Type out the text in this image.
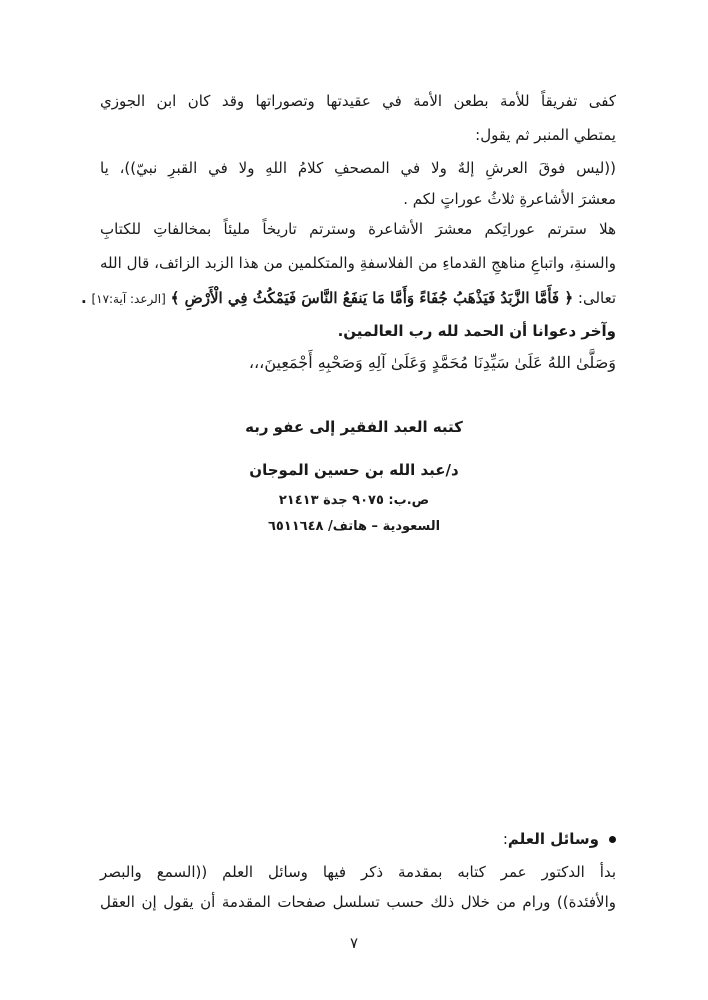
كفى تفريقاً للأمة بطعن الأمة في عقيدتها وتصوراتها وقد كان ابن الجوزي
يمتطي المنبر ثم يقول:
((ليس فوقَ العرشِ إلهٌ ولا في المصحفِ كلامُ اللهِ ولا في القبرِ نبيّ))، يا
معشرَ الأشاعرةِ ثلاثُ عوراتٍ لكم .
هلا سترتم عوراتِكم معشرَ الأشاعرة وسترتم تاريخاً مليئاً بمخالفاتِ للكتابِ
والسنةِ، واتباعِ مناهجِ القدماءِ من الفلاسفةِ والمتكلمين من هذا الزبد الزائف، قال الله
تعالى: ﴿ فَأَمَّا الزَّبَدُ فَيَذْهَبُ جُفَاءً وَأَمَّا مَا يَنفَعُ النَّاسَ فَيَمْكُثُ فِي الْأَرْضِ ﴾ [الرعد: آية:١٧] .
وآخر دعوانا أن الحمد لله رب العالمين.
وَصَلَّىٰ اللهُ عَلَىٰ سَيِّدِنَا مُحَمَّدٍ وَعَلَىٰ آلِهِ وَصَحْبِهِ أَجْمَعِينَ،،،
كتبه العبد الفقير إلى عفو ربه
د/عبد الله بن حسين الموجان
ص.ب: ٩٠٧٥ جدة ٢١٤١٣
السعودية – هاتف/ ٦٥١١٦٤٨
وسائل العلم:
بدأ الدكتور عمر كتابه بمقدمة ذكر فيها وسائل العلم ((السمع والبصر
والأفئدة)) ورام من خلال ذلك حسب تسلسل صفحات المقدمة أن يقول إن العقل
٧
